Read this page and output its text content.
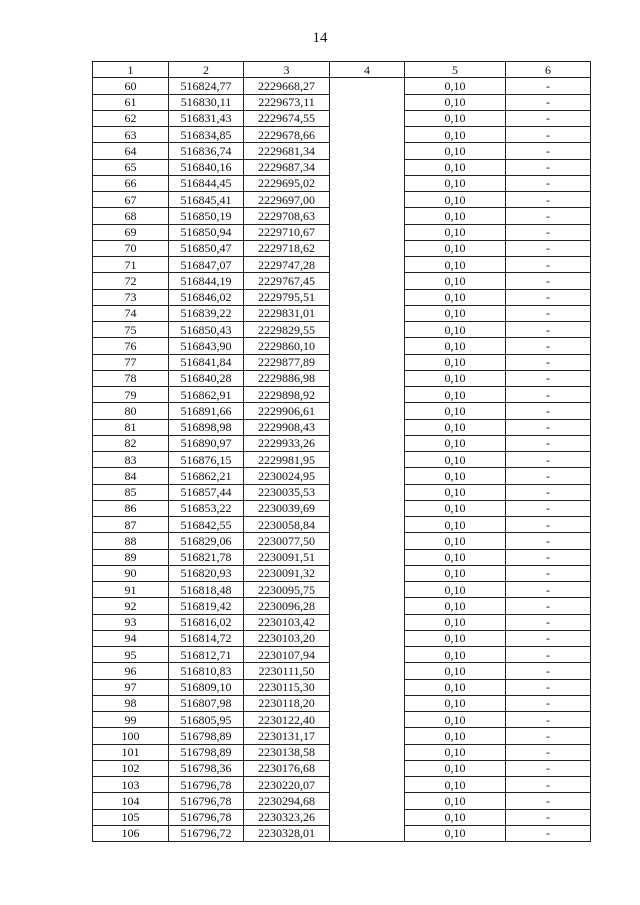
14
1	2	3	4	5	6
60	516824,77	2229668,27		0,10	-
61	516830,11	2229673,11		0,10	-
62	516831,43	2229674,55		0,10	-
63	516834,85	2229678,66		0,10	-
64	516836,74	2229681,34		0,10	-
65	516840,16	2229687,34		0,10	-
66	516844,45	2229695,02		0,10	-
67	516845,41	2229697,00		0,10	-
68	516850,19	2229708,63		0,10	-
69	516850,94	2229710,67		0,10	-
70	516850,47	2229718,62		0,10	-
71	516847,07	2229747,28		0,10	-
72	516844,19	2229767,45		0,10	-
73	516846,02	2229795,51		0,10	-
74	516839,22	2229831,01		0,10	-
75	516850,43	2229829,55		0,10	-
76	516843,90	2229860,10		0,10	-
77	516841,84	2229877,89		0,10	-
78	516840,28	2229886,98		0,10	-
79	516862,91	2229898,92		0,10	-
80	516891,66	2229906,61		0,10	-
81	516898,98	2229908,43		0,10	-
82	516890,97	2229933,26		0,10	-
83	516876,15	2229981,95		0,10	-
84	516862,21	2230024,95		0,10	-
85	516857,44	2230035,53		0,10	-
86	516853,22	2230039,69		0,10	-
87	516842,55	2230058,84		0,10	-
88	516829,06	2230077,50		0,10	-
89	516821,78	2230091,51		0,10	-
90	516820,93	2230091,32		0,10	-
91	516818,48	2230095,75		0,10	-
92	516819,42	2230096,28		0,10	-
93	516816,02	2230103,42		0,10	-
94	516814,72	2230103,20		0,10	-
95	516812,71	2230107,94		0,10	-
96	516810,83	2230111,50		0,10	-
97	516809,10	2230115,30		0,10	-
98	516807,98	2230118,20		0,10	-
99	516805,95	2230122,40		0,10	-
100	516798,89	2230131,17		0,10	-
101	516798,89	2230138,58		0,10	-
102	516798,36	2230176,68		0,10	-
103	516796,78	2230220,07		0,10	-
104	516796,78	2230294,68		0,10	-
105	516796,78	2230323,26		0,10	-
106	516796,72	2230328,01		0,10	-
